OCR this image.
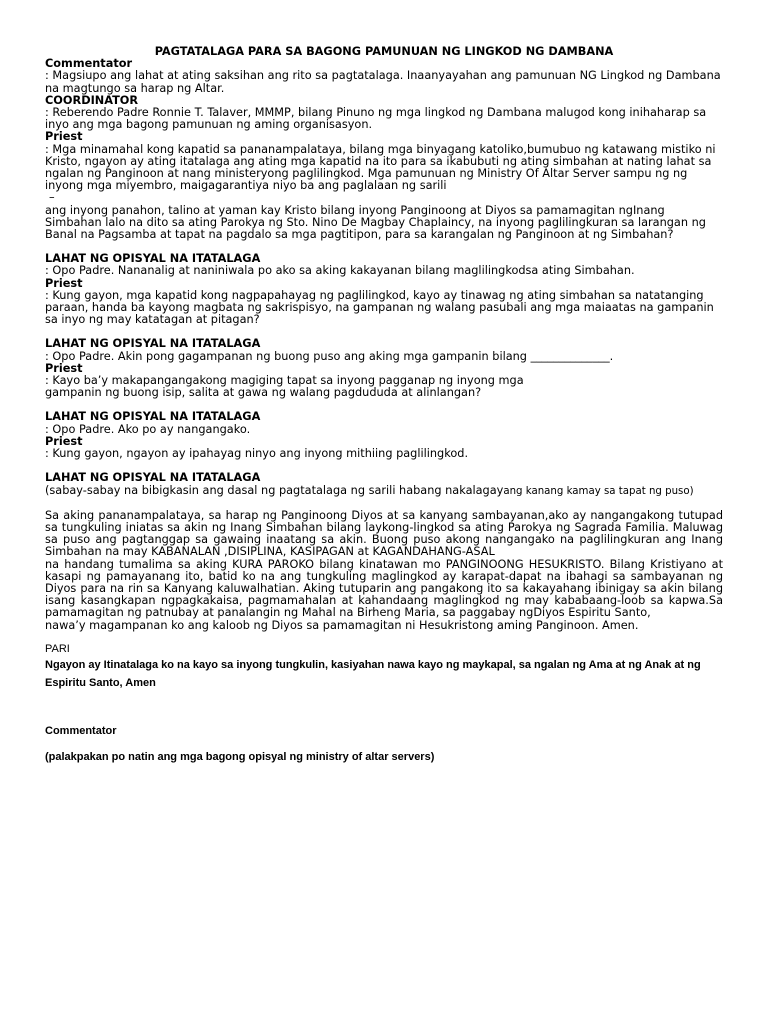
PAGTATALAGA PARA SA BAGONG PAMUNUAN NG LINGKOD NG DAMBANA

Commentator

: Magsiupo ang lahat at ating saksihan ang rito sa pagtatalaga. Inaanyayahan ang pamunuan NG Lingkod ng Dambana na magtungo sa harap ng Altar.

COORDINATOR

: Reberendo Padre Ronnie T. Talaver, MMMP, bilang Pinuno ng mga lingkod ng Dambana malugod kong inihaharap sa inyo ang mga bagong pamunuan ng aming organisasyon.

Priest

: Mga minamahal kong kapatid sa pananampalataya, bilang mga binyagang katoliko,bumubuo ng katawang mistiko ni Kristo, ngayon ay ating itatalaga ang ating mga kapatid na ito para sa ikabubuti ng ating simbahan at nating lahat sa ngalan ng Panginoon at nang ministeryong paglilingkod. Mga pamunuan ng Ministry Of Altar Server sampu ng ng inyong mga miyembro, maigagarantiya niyo ba ang paglalaan ng sarili

–

ang inyong panahon, talino at yaman kay Kristo bilang inyong Panginoong at Diyos sa pamamagitan ngInang Simbahan lalo na dito sa ating Parokya ng Sto. Nino De Magbay Chaplaincy, na inyong paglilingkuran sa larangan ng Banal na Pagsamba at tapat na pagdalo sa mga pagtitipon, para sa karangalan ng Panginoon at ng Simbahan?

LAHAT NG OPISYAL NA ITATALAGA

: Opo Padre. Nananalig at naniniwala po ako sa aking kakayanan bilang maglilingkodsa ating Simbahan.

Priest

: Kung gayon, mga kapatid kong nagpapahayag ng paglilingkod, kayo ay tinawag ng ating simbahan sa natatanging paraan, handa ba kayong magbata ng sakrispisyo, na gampanan ng walang pasubali ang mga maiaatas na gampanin sa inyo ng may katatagan at pitagan?

LAHAT NG OPISYAL NA ITATALAGA

: Opo Padre. Akin pong gagampanan ng buong puso ang aking mga gampanin bilang ______________.

Priest

: Kayo ba’y makapangangakong magiging tapat sa inyong pagganap ng inyong mga

gampanin ng buong isip, salita at gawa ng walang pagdududa at alinlangan?

LAHAT NG OPISYAL NA ITATALAGA

: Opo Padre. Ako po ay nangangako.

Priest

: Kung gayon, ngayon ay ipahayag ninyo ang inyong mithiing paglilingkod.

LAHAT NG OPISYAL NA ITATALAGA

(sabay-sabay na bibigkasin ang dasal ng pagtatalaga ng sarili habang nakalagayang kanang kamay sa tapat ng puso)

Sa aking pananampalataya, sa harap ng Panginoong Diyos at sa kanyang sambayanan,ako ay nangangakong tutupad sa tungkuling iniatas sa akin ng Inang Simbahan bilang laykong-lingkod sa ating Parokya ng Sagrada Familia. Maluwag sa puso ang pagtanggap sa gawaing inaatang sa akin. Buong puso akong nangangako na paglilingkuran ang Inang Simbahan na may KABANALAN ,DISIPLINA, KASIPAGAN at KAGANDAHANG-ASAL

na handang tumalima sa aking KURA PAROKO bilang kinatawan mo PANGINOONG HESUKRISTO. Bilang Kristiyano at kasapi ng pamayanang ito, batid ko na ang tungkuling maglingkod ay karapat-dapat na ibahagi sa sambayanan ng Diyos para na rin sa Kanyang kaluwalhatian. Aking tutuparin ang pangakong ito sa kakayahang ibinigay sa akin bilang isang kasangkapan ngpagkakaisa, pagmamahalan at kahandaang maglingkod ng may kababaang-loob sa kapwa.Sa pamamagitan ng patnubay at panalangin ng Mahal na Birheng Maria, sa paggabay ngDiyos Espiritu Santo,

nawa’y magampanan ko ang kaloob ng Diyos sa pamamagitan ni Hesukristong aming Panginoon. Amen.

PARI

Ngayon ay Itinatalaga ko na kayo sa inyong tungkulin, kasiyahan nawa kayo ng maykapal, sa ngalan ng Ama at ng Anak at ng Espiritu Santo, Amen

Commentator

(palakpakan po natin ang mga bagong opisyal ng ministry of altar servers)
